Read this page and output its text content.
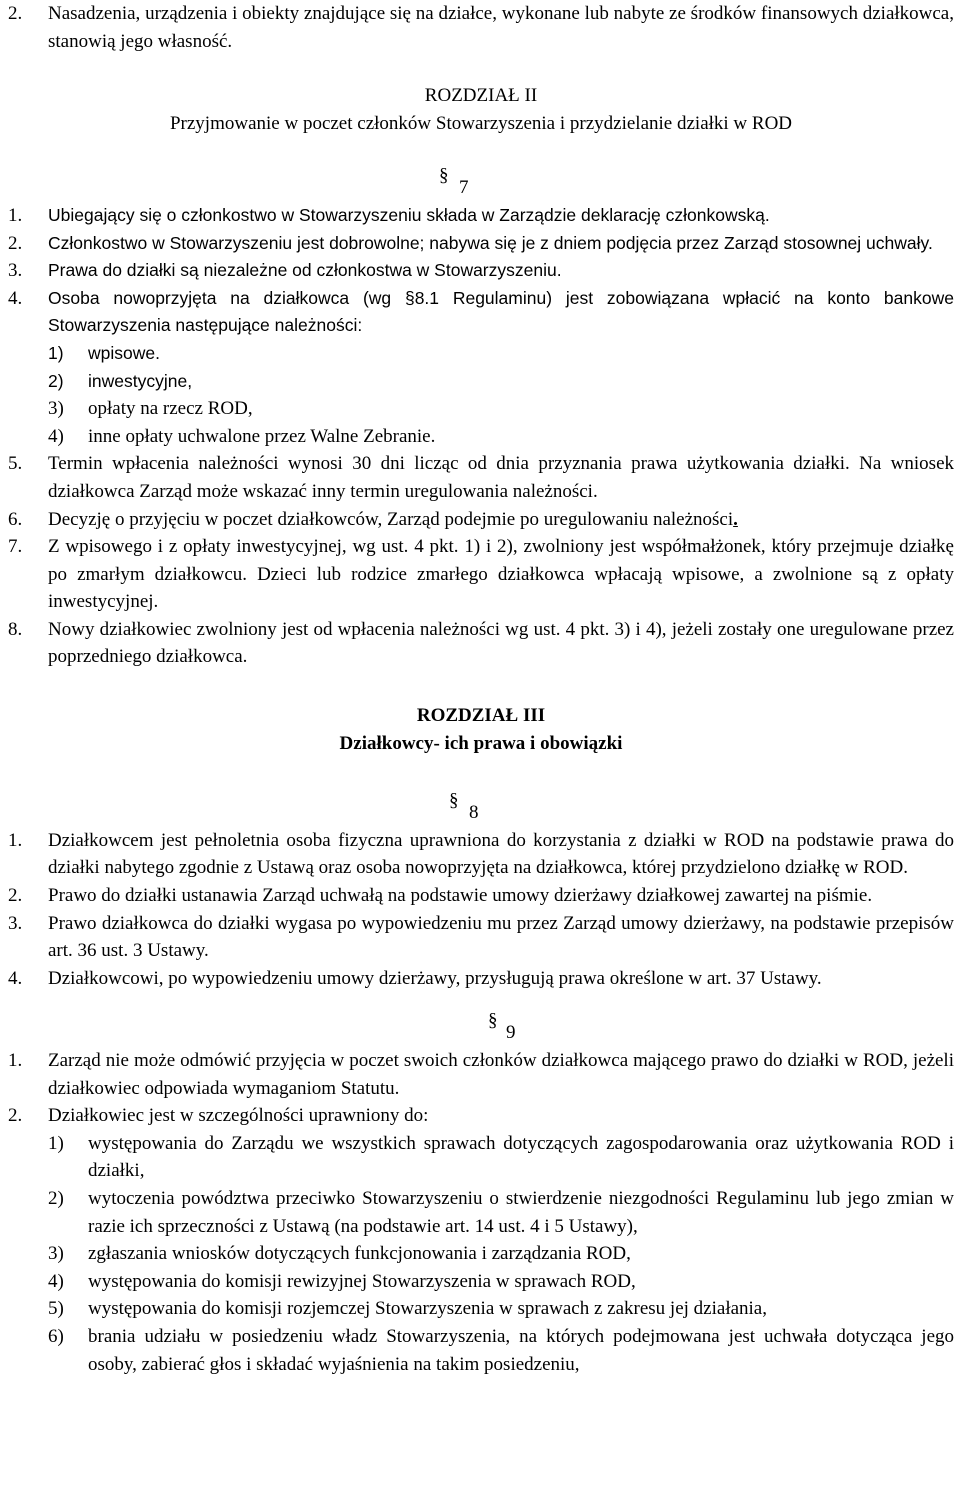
2. Nasadzenia, urządzenia i obiekty znajdujące się na działce, wykonane lub nabyte ze środków finansowych działkowca, stanowią jego własność.
ROZDZIAŁ II
Przyjmowanie w poczet członków Stowarzyszenia i przydzielanie działki w ROD
§
7
1. Ubiegający się o członkostwo w Stowarzyszeniu składa w Zarządzie deklarację członkowską.
2. Członkostwo w Stowarzyszeniu jest dobrowolne; nabywa się je z dniem podjęcia przez Zarząd stosownej uchwały.
3. Prawa do działki są niezależne od członkostwa w Stowarzyszeniu.
4. Osoba nowoprzyjęta na działkowca (wg §8.1 Regulaminu) jest zobowiązana wpłacić na konto bankowe Stowarzyszenia następujące należności:
1) wpisowe.
2) inwestycyjne,
3) opłaty na rzecz ROD,
4) inne opłaty uchwalone przez Walne Zebranie.
5. Termin wpłacenia należności wynosi 30 dni licząc od dnia przyznania prawa użytkowania działki. Na wniosek działkowca Zarząd może wskazać inny termin uregulowania należności.
6. Decyzję o przyjęciu w poczet działkowców, Zarząd podejmie po uregulowaniu należności.
7. Z wpisowego i z opłaty inwestycyjnej, wg ust. 4 pkt. 1) i 2), zwolniony jest współmałżonek, który przejmuje działkę po zmarłym działkowcu. Dzieci lub rodzice zmarłego działkowca wpłacają wpisowe, a zwolnione są z opłaty inwestycyjnej.
8. Nowy działkowiec zwolniony jest od wpłacenia należności wg ust. 4 pkt. 3) i 4), jeżeli zostały one uregulowane przez poprzedniego działkowca.
ROZDZIAŁ III
Działkowcy- ich prawa i obowiązki
§
8
1. Działkowcem jest pełnoletnia osoba fizyczna uprawniona do korzystania z działki w ROD na podstawie prawa do działki nabytego zgodnie z Ustawą oraz osoba nowoprzyjęta na działkowca, której przydzielono działkę w ROD.
2. Prawo do działki ustanawia Zarząd uchwałą na podstawie umowy dzierżawy działkowej zawartej na piśmie.
3. Prawo działkowca do działki wygasa po wypowiedzeniu mu przez Zarząd umowy dzierżawy, na podstawie przepisów art. 36 ust. 3 Ustawy.
4. Działkowcowi, po wypowiedzeniu umowy dzierżawy, przysługują prawa określone w art. 37 Ustawy.
§
9
1. Zarząd nie może odmówić przyjęcia w poczet swoich członków działkowca mającego prawo do działki w ROD, jeżeli działkowiec odpowiada wymaganiom Statutu.
2. Działkowiec jest w szczególności uprawniony do:
1) występowania do Zarządu we wszystkich sprawach dotyczących zagospodarowania oraz użytkowania ROD i działki,
2) wytoczenia powództwa przeciwko Stowarzyszeniu o stwierdzenie niezgodności Regulaminu lub jego zmian w razie ich sprzeczności z Ustawą (na podstawie art. 14 ust. 4 i 5 Ustawy),
3) zgłaszania wniosków dotyczących funkcjonowania i zarządzania ROD,
4) występowania do komisji rewizyjnej Stowarzyszenia w sprawach ROD,
5) występowania do komisji rozjemczej Stowarzyszenia w sprawach z zakresu jej działania,
6) brania udziału w posiedzeniu władz Stowarzyszenia, na których podejmowana jest uchwała dotycząca jego osoby, zabierać głos i składać wyjaśnienia na takim posiedzeniu,
